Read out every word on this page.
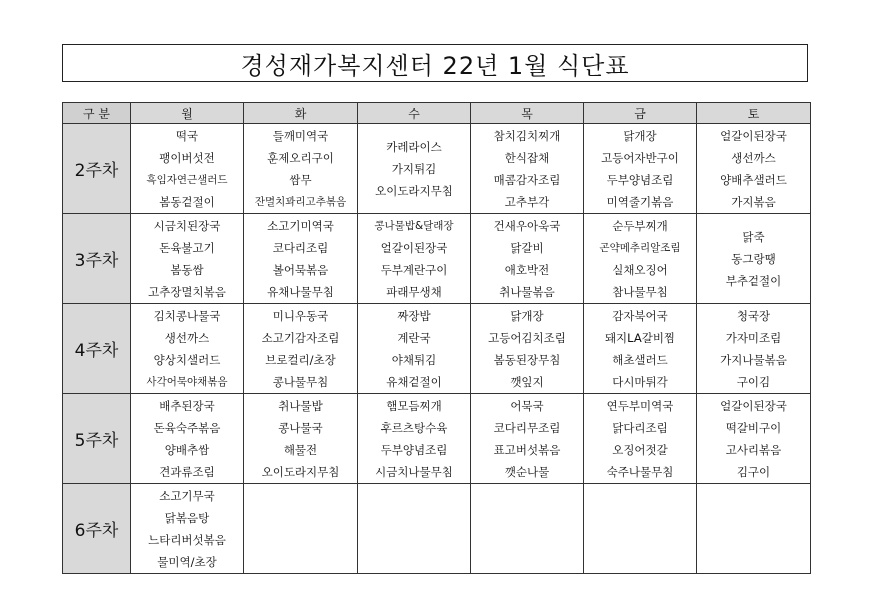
경성재가복지센터 22년 1월 식단표
구 분	월	화	수	목	금	토
2주차	떡국
팽이버섯전
흑임자연근샐러드
봄동겉절이	들깨미역국
훈제오리구이
쌈무
잔멸치꽈리고추볶음	카레라이스
가지튀김
오이도라지무침	참치김치찌개
한식잡채
매콤감자조림
고추부각	닭개장
고등어자반구이
두부양념조림
미역줄기볶음	얼갈이된장국
생선까스
양배추샐러드
가지볶음

3주차	시금치된장국
돈육불고기
봄동쌈
고추장멸치볶음	소고기미역국
코다리조림
볼어묵볶음
유채나물무침	콩나물밥&달래장
얼갈이된장국
두부계란구이
파래무생채	건새우아욱국
닭갈비
애호박전
취나물볶음	순두부찌개
곤약메추리알조림
실채오징어
참나물무침	닭죽
동그랑땡
부추겉절이

4주차	김치콩나물국
생선까스
양상치샐러드
사각어묵야채볶음	미니우동국
소고기감자조림
브로컬리/초장
콩나물무침	짜장밥
계란국
야채튀김
유채겉절이	닭개장
고등어김치조림
봄동된장무침
깻잎지	감자북어국
돼지LA갈비찜
해초샐러드
다시마튀각	청국장
가자미조림
가지나물볶음
구이김

5주차	배추된장국
돈육숙주볶음
양배추쌈
견과류조림	취나물밥
콩나물국
해물전
오이도라지무침	햄모듬찌개
후르츠탕수육
두부양념조림
시금치나물무침	어묵국
코다리무조림
표고버섯볶음
깻순나물	연두부미역국
닭다리조림
오징어젓갈
숙주나물무침	얼갈이된장국
떡갈비구이
고사리볶음
김구이

6주차	소고기무국
닭볶음탕
느타리버섯볶음
물미역/초장					
